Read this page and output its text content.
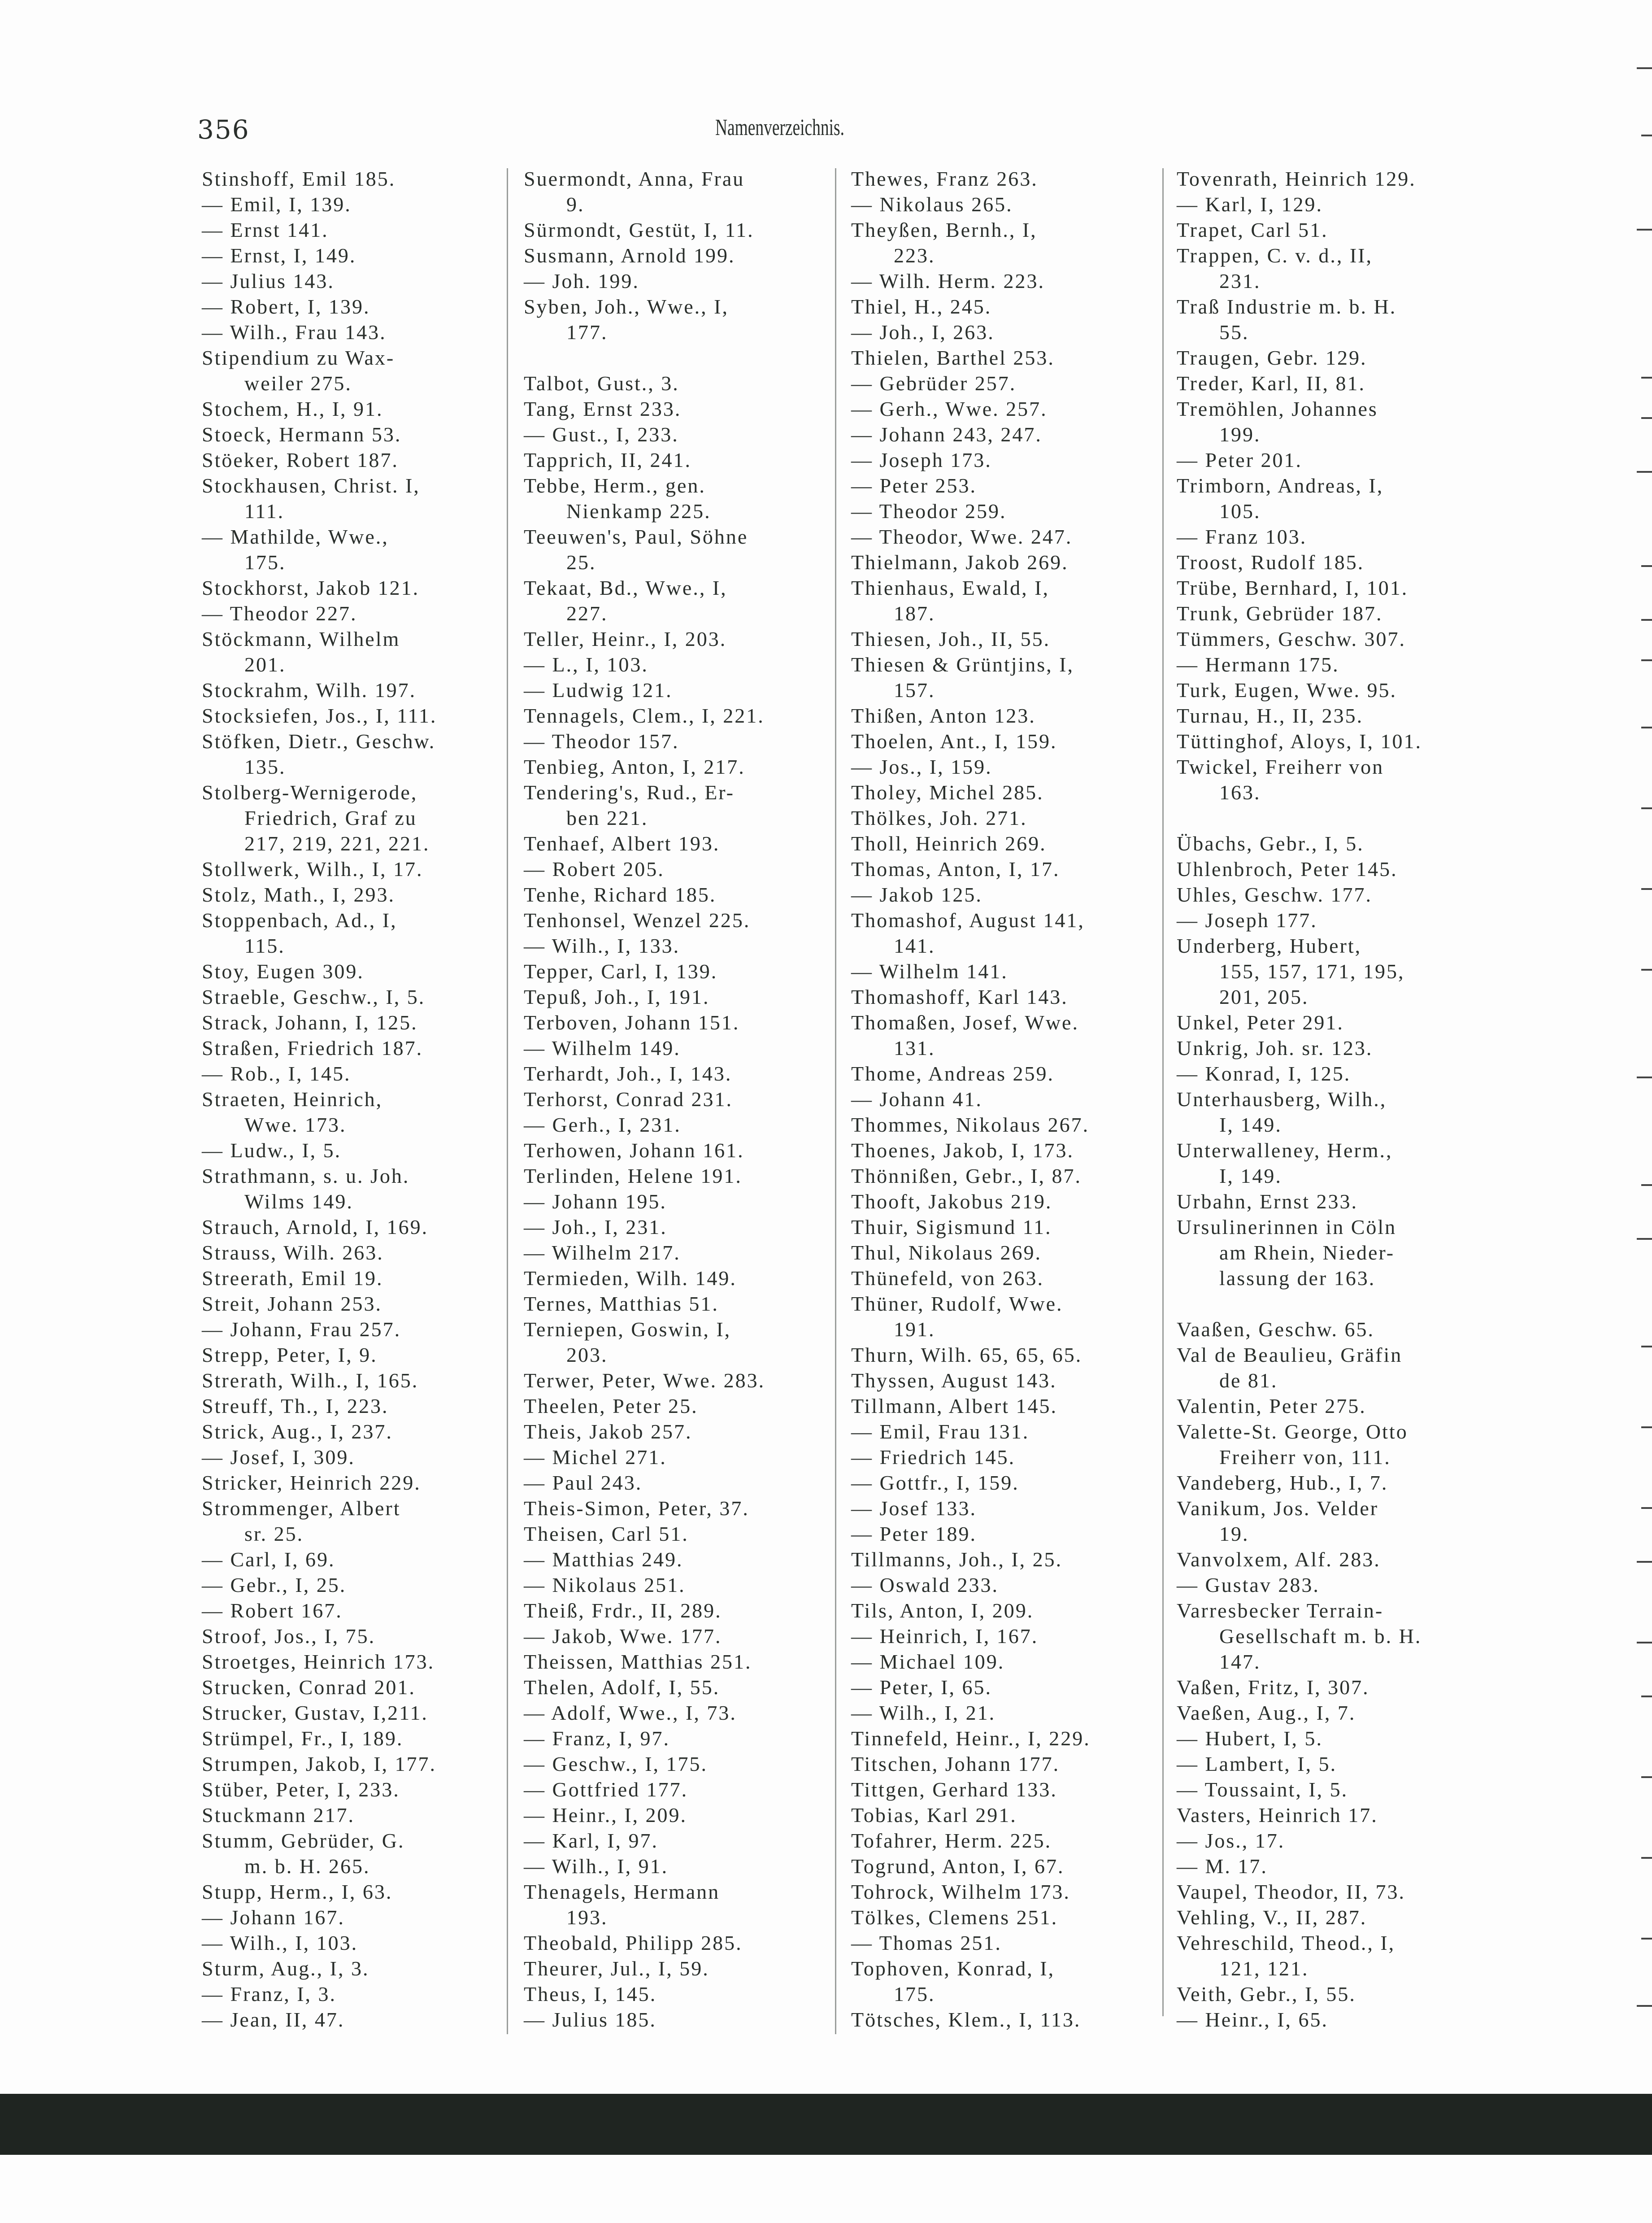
356	Namenverzeichnis.
Stinshoff, Emil 185.
— Emil, I, 139.
— Ernst 141.
— Ernst, I, 149.
— Julius 143.
— Robert, I, 139.
— Wilh., Frau 143.
Stipendium zu Wax-
weiler 275.
Stochem, H., I, 91.
Stoeck, Hermann 53.
Stöeker, Robert 187.
Stockhausen, Christ. I,
111.
— Mathilde, Wwe.,
175.
Stockhorst, Jakob 121.
— Theodor 227.
Stöckmann, Wilhelm
201.
Stockrahm, Wilh. 197.
Stocksiefen, Jos., I, 111.
Stöfken, Dietr., Geschw.
135.
Stolberg-Wernigerode,
Friedrich, Graf zu
217, 219, 221, 221.
Stollwerk, Wilh., I, 17.
Stolz, Math., I, 293.
Stoppenbach, Ad., I,
115.
Stoy, Eugen 309.
Straeble, Geschw., I, 5.
Strack, Johann, I, 125.
Straßen, Friedrich 187.
— Rob., I, 145.
Straeten, Heinrich,
Wwe. 173.
— Ludw., I, 5.
Strathmann, s. u. Joh.
Wilms 149.
Strauch, Arnold, I, 169.
Strauss, Wilh. 263.
Streerath, Emil 19.
Streit, Johann 253.
— Johann, Frau 257.
Strepp, Peter, I, 9.
Strerath, Wilh., I, 165.
Streuff, Th., I, 223.
Strick, Aug., I, 237.
— Josef, I, 309.
Stricker, Heinrich 229.
Strommenger, Albert
sr. 25.
— Carl, I, 69.
— Gebr., I, 25.
— Robert 167.
Stroof, Jos., I, 75.
Stroetges, Heinrich 173.
Strucken, Conrad 201.
Strucker, Gustav, I,211.
Strümpel, Fr., I, 189.
Strumpen, Jakob, I, 177.
Stüber, Peter, I, 233.
Stuckmann 217.
Stumm, Gebrüder, G.
m. b. H. 265.
Stupp, Herm., I, 63.
— Johann 167.
— Wilh., I, 103.
Sturm, Aug., I, 3.
— Franz, I, 3.
— Jean, II, 47.
Suermondt, Anna, Frau
9.
Sürmondt, Gestüt, I, 11.
Susmann, Arnold 199.
— Joh. 199.
Syben, Joh., Wwe., I,
177.
Talbot, Gust., 3.
Tang, Ernst 233.
— Gust., I, 233.
Tapprich, II, 241.
Tebbe, Herm., gen.
Nienkamp 225.
Teeuwen's, Paul, Söhne
25.
Tekaat, Bd., Wwe., I,
227.
Teller, Heinr., I, 203.
— L., I, 103.
— Ludwig 121.
Tennagels, Clem., I, 221.
— Theodor 157.
Tenbieg, Anton, I, 217.
Tendering's, Rud., Er-
ben 221.
Tenhaef, Albert 193.
— Robert 205.
Tenhe, Richard 185.
Tenhonsel, Wenzel 225.
— Wilh., I, 133.
Tepper, Carl, I, 139.
Tepuß, Joh., I, 191.
Terboven, Johann 151.
— Wilhelm 149.
Terhardt, Joh., I, 143.
Terhorst, Conrad 231.
— Gerh., I, 231.
Terhowen, Johann 161.
Terlinden, Helene 191.
— Johann 195.
— Joh., I, 231.
— Wilhelm 217.
Termieden, Wilh. 149.
Ternes, Matthias 51.
Terniepen, Goswin, I,
203.
Terwer, Peter, Wwe. 283.
Theelen, Peter 25.
Theis, Jakob 257.
— Michel 271.
— Paul 243.
Theis-Simon, Peter, 37.
Theisen, Carl 51.
— Matthias 249.
— Nikolaus 251.
Theiß, Frdr., II, 289.
— Jakob, Wwe. 177.
Theissen, Matthias 251.
Thelen, Adolf, I, 55.
— Adolf, Wwe., I, 73.
— Franz, I, 97.
— Geschw., I, 175.
— Gottfried 177.
— Heinr., I, 209.
— Karl, I, 97.
— Wilh., I, 91.
Thenagels, Hermann
193.
Theobald, Philipp 285.
Theurer, Jul., I, 59.
Theus, I, 145.
— Julius 185.
Thewes, Franz 263.
— Nikolaus 265.
Theyßen, Bernh., I,
223.
— Wilh. Herm. 223.
Thiel, H., 245.
— Joh., I, 263.
Thielen, Barthel 253.
— Gebrüder 257.
— Gerh., Wwe. 257.
— Johann 243, 247.
— Joseph 173.
— Peter 253.
— Theodor 259.
— Theodor, Wwe. 247.
Thielmann, Jakob 269.
Thienhaus, Ewald, I,
187.
Thiesen, Joh., II, 55.
Thiesen & Grüntjins, I,
157.
Thißen, Anton 123.
Thoelen, Ant., I, 159.
— Jos., I, 159.
Tholey, Michel 285.
Thölkes, Joh. 271.
Tholl, Heinrich 269.
Thomas, Anton, I, 17.
— Jakob 125.
Thomashof, August 141,
141.
— Wilhelm 141.
Thomashoff, Karl 143.
Thomaßen, Josef, Wwe.
131.
Thome, Andreas 259.
— Johann 41.
Thommes, Nikolaus 267.
Thoenes, Jakob, I, 173.
Thönnißen, Gebr., I, 87.
Thooft, Jakobus 219.
Thuir, Sigismund 11.
Thul, Nikolaus 269.
Thünefeld, von 263.
Thüner, Rudolf, Wwe.
191.
Thurn, Wilh. 65, 65, 65.
Thyssen, August 143.
Tillmann, Albert 145.
— Emil, Frau 131.
— Friedrich 145.
— Gottfr., I, 159.
— Josef 133.
— Peter 189.
Tillmanns, Joh., I, 25.
— Oswald 233.
Tils, Anton, I, 209.
— Heinrich, I, 167.
— Michael 109.
— Peter, I, 65.
— Wilh., I, 21.
Tinnefeld, Heinr., I, 229.
Titschen, Johann 177.
Tittgen, Gerhard 133.
Tobias, Karl 291.
Tofahrer, Herm. 225.
Togrund, Anton, I, 67.
Tohrock, Wilhelm 173.
Tölkes, Clemens 251.
— Thomas 251.
Tophoven, Konrad, I,
175.
Tötsches, Klem., I, 113.
Tovenrath, Heinrich 129.
— Karl, I, 129.
Trapet, Carl 51.
Trappen, C. v. d., II,
231.
Traß Industrie m. b. H.
55.
Traugen, Gebr. 129.
Treder, Karl, II, 81.
Tremöhlen, Johannes
199.
— Peter 201.
Trimborn, Andreas, I,
105.
— Franz 103.
Troost, Rudolf 185.
Trübe, Bernhard, I, 101.
Trunk, Gebrüder 187.
Tümmers, Geschw. 307.
— Hermann 175.
Turk, Eugen, Wwe. 95.
Turnau, H., II, 235.
Tüttinghof, Aloys, I, 101.
Twickel, Freiherr von
163.
Übachs, Gebr., I, 5.
Uhlenbroch, Peter 145.
Uhles, Geschw. 177.
— Joseph 177.
Underberg, Hubert,
155, 157, 171, 195,
201, 205.
Unkel, Peter 291.
Unkrig, Joh. sr. 123.
— Konrad, I, 125.
Unterhausberg, Wilh.,
I, 149.
Unterwalleney, Herm.,
I, 149.
Urbahn, Ernst 233.
Ursulinerinnen in Cöln
am Rhein, Nieder-
lassung der 163.
Vaaßen, Geschw. 65.
Val de Beaulieu, Gräfin
de 81.
Valentin, Peter 275.
Valette-St. George, Otto
Freiherr von, 111.
Vandeberg, Hub., I, 7.
Vanikum, Jos. Velder
19.
Vanvolxem, Alf. 283.
— Gustav 283.
Varresbecker Terrain-
Gesellschaft m. b. H.
147.
Vaßen, Fritz, I, 307.
Vaeßen, Aug., I, 7.
— Hubert, I, 5.
— Lambert, I, 5.
— Toussaint, I, 5.
Vasters, Heinrich 17.
— Jos., 17.
— M. 17.
Vaupel, Theodor, II, 73.
Vehling, V., II, 287.
Vehreschild, Theod., I,
121, 121.
Veith, Gebr., I, 55.
— Heinr., I, 65.
